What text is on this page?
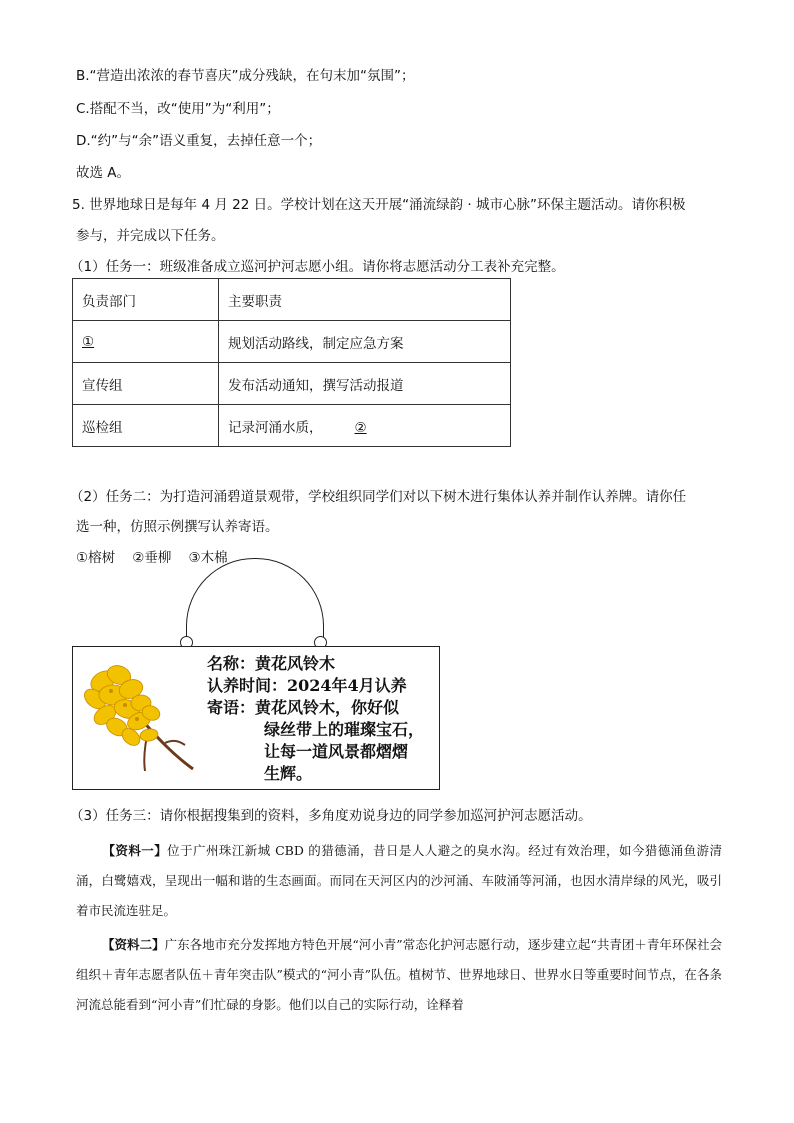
B.“营造出浓浓的春节喜庆”成分残缺，在句末加“氛围”；
C.搭配不当，改“使用”为“利用”；
D.“约”与“余”语义重复，去掉任意一个；
故选 A。
5. 世界地球日是每年 4 月 22 日。学校计划在这天开展“涌流绿韵 · 城市心脉”环保主题活动。请你积极
参与，并完成以下任务。
（1）任务一：班级准备成立巡河护河志愿小组。请你将志愿活动分工表补充完整。
负责部门	主要职责
①	规划活动路线，制定应急方案
宣传组	发布活动通知，撰写活动报道
巡检组	记录河涌水质， ②
（2）任务二：为打造河涌碧道景观带，学校组织同学们对以下树木进行集体认养并制作认养牌。请你任
选一种，仿照示例撰写认养寄语。
①榕树    ②垂柳    ③木棉
名称：黄花风铃木
认养时间：2024年4月认养
寄语：黄花风铃木，你好似
绿丝带上的璀璨宝石，
让每一道风景都熠熠
生辉。
（3）任务三：请你根据搜集到的资料，多角度劝说身边的同学参加巡河护河志愿活动。
【资料一】位于广州珠江新城 CBD 的猎德涌，昔日是人人避之的臭水沟。经过有效治理，如今猎德涌鱼游清涌，白鹭嬉戏，呈现出一幅和谐的生态画面。而同在天河区内的沙河涌、车陂涌等河涌，也因水清岸绿的风光，吸引着市民流连驻足。
【资料二】广东各地市充分发挥地方特色开展“河小青”常态化护河志愿行动，逐步建立起“共青团＋青年环保社会组织＋青年志愿者队伍＋青年突击队”模式的“河小青”队伍。植树节、世界地球日、世界水日等重要时间节点，在各条河流总能看到“河小青”们忙碌的身影。他们以自己的实际行动，诠释着
